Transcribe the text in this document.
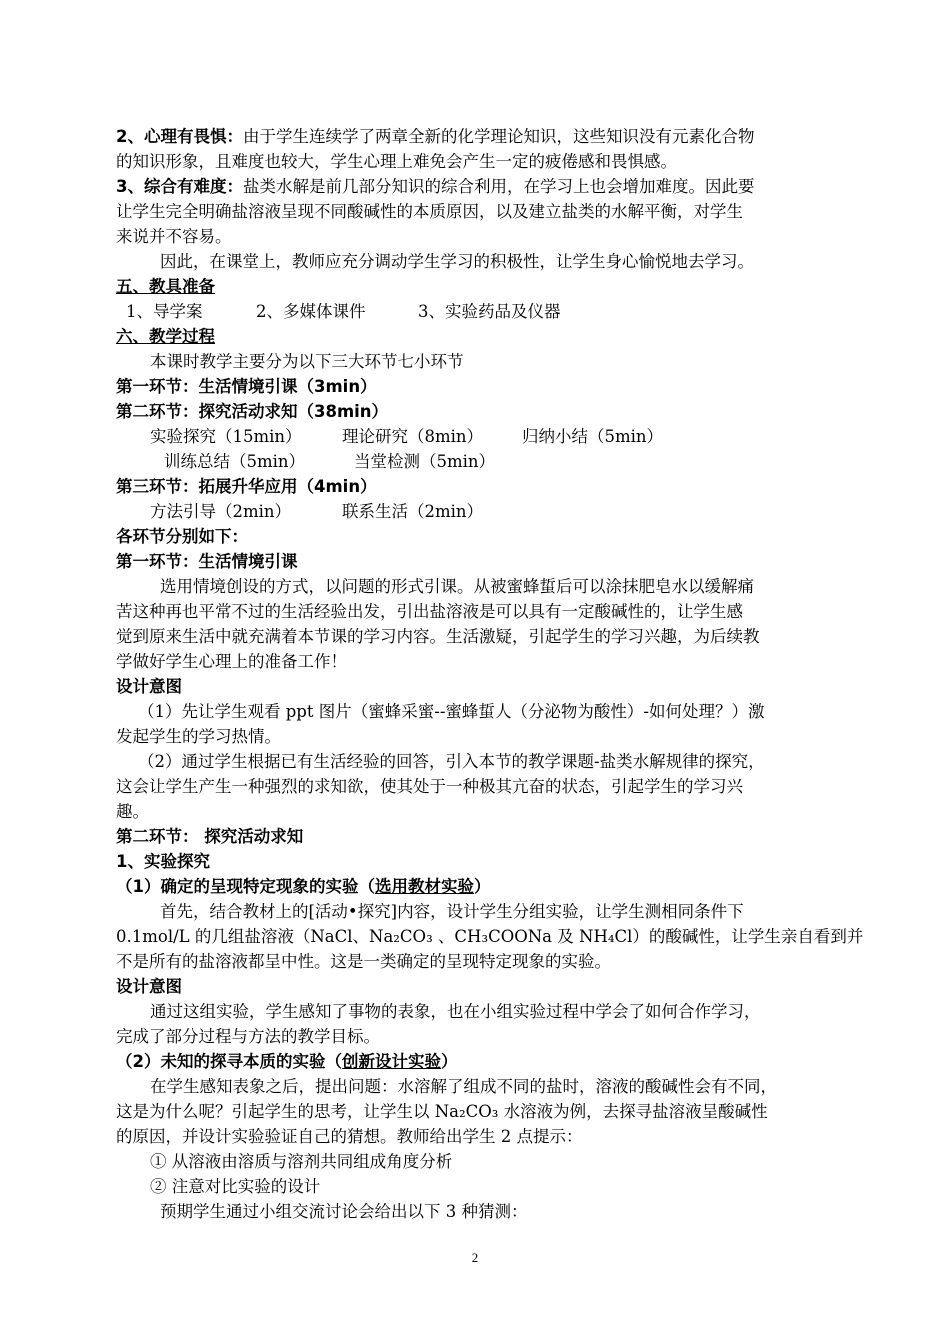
2、心理有畏惧：由于学生连续学了两章全新的化学理论知识，这些知识没有元素化合物
的知识形象，且难度也较大，学生心理上难免会产生一定的疲倦感和畏惧感。
3、综合有难度：盐类水解是前几部分知识的综合利用，在学习上也会增加难度。因此要
让学生完全明确盐溶液呈现不同酸碱性的本质原因，以及建立盐类的水解平衡，对学生
来说并不容易。
因此，在课堂上，教师应充分调动学生学习的积极性，让学生身心愉悦地去学习。
五、教具准备
1、导学案	2、多媒体课件	3、实验药品及仪器
六、教学过程
本课时教学主要分为以下三大环节七小环节
第一环节：生活情境引课（3min）
第二环节：探究活动求知（38min）
实验探究（15min） 理论研究（8min） 归纳小结（5min）
训练总结（5min）	当堂检测（5min）
第三环节：拓展升华应用（4min）
方法引导（2min）	联系生活（2min）
各环节分别如下：
第一环节：生活情境引课
选用情境创设的方式，以问题的形式引课。从被蜜蜂蜇后可以涂抹肥皂水以缓解痛
苦这种再也平常不过的生活经验出发，引出盐溶液是可以具有一定酸碱性的，让学生感
觉到原来生活中就充满着本节课的学习内容。生活激疑，引起学生的学习兴趣，为后续教
学做好学生心理上的准备工作！
设计意图
（1）先让学生观看 ppt 图片（蜜蜂采蜜--蜜蜂蜇人（分泌物为酸性）-如何处理？）激
发起学生的学习热情。
（2）通过学生根据已有生活经验的回答，引入本节的教学课题-盐类水解规律的探究，
这会让学生产生一种强烈的求知欲，使其处于一种极其亢奋的状态，引起学生的学习兴
趣。
第二环节： 探究活动求知
1、实验探究
（1）确定的呈现特定现象的实验（选用教材实验）
首先，结合教材上的[活动•探究]内容，设计学生分组实验，让学生测相同条件下
0.1mol/L 的几组盐溶液（NaCl、Na₂CO₃ 、CH₃COONa 及 NH₄Cl）的酸碱性，让学生亲自看到并
不是所有的盐溶液都呈中性。这是一类确定的呈现特定现象的实验。
设计意图
通过这组实验，学生感知了事物的表象，也在小组实验过程中学会了如何合作学习，
完成了部分过程与方法的教学目标。
（2）未知的探寻本质的实验（创新设计实验）
在学生感知表象之后，提出问题：水溶解了组成不同的盐时，溶液的酸碱性会有不同，
这是为什么呢？引起学生的思考，让学生以 Na₂CO₃ 水溶液为例，去探寻盐溶液呈酸碱性
的原因，并设计实验验证自己的猜想。教师给出学生 2 点提示：
① 从溶液由溶质与溶剂共同组成角度分析
② 注意对比实验的设计
预期学生通过小组交流讨论会给出以下 3 种猜测：
2
